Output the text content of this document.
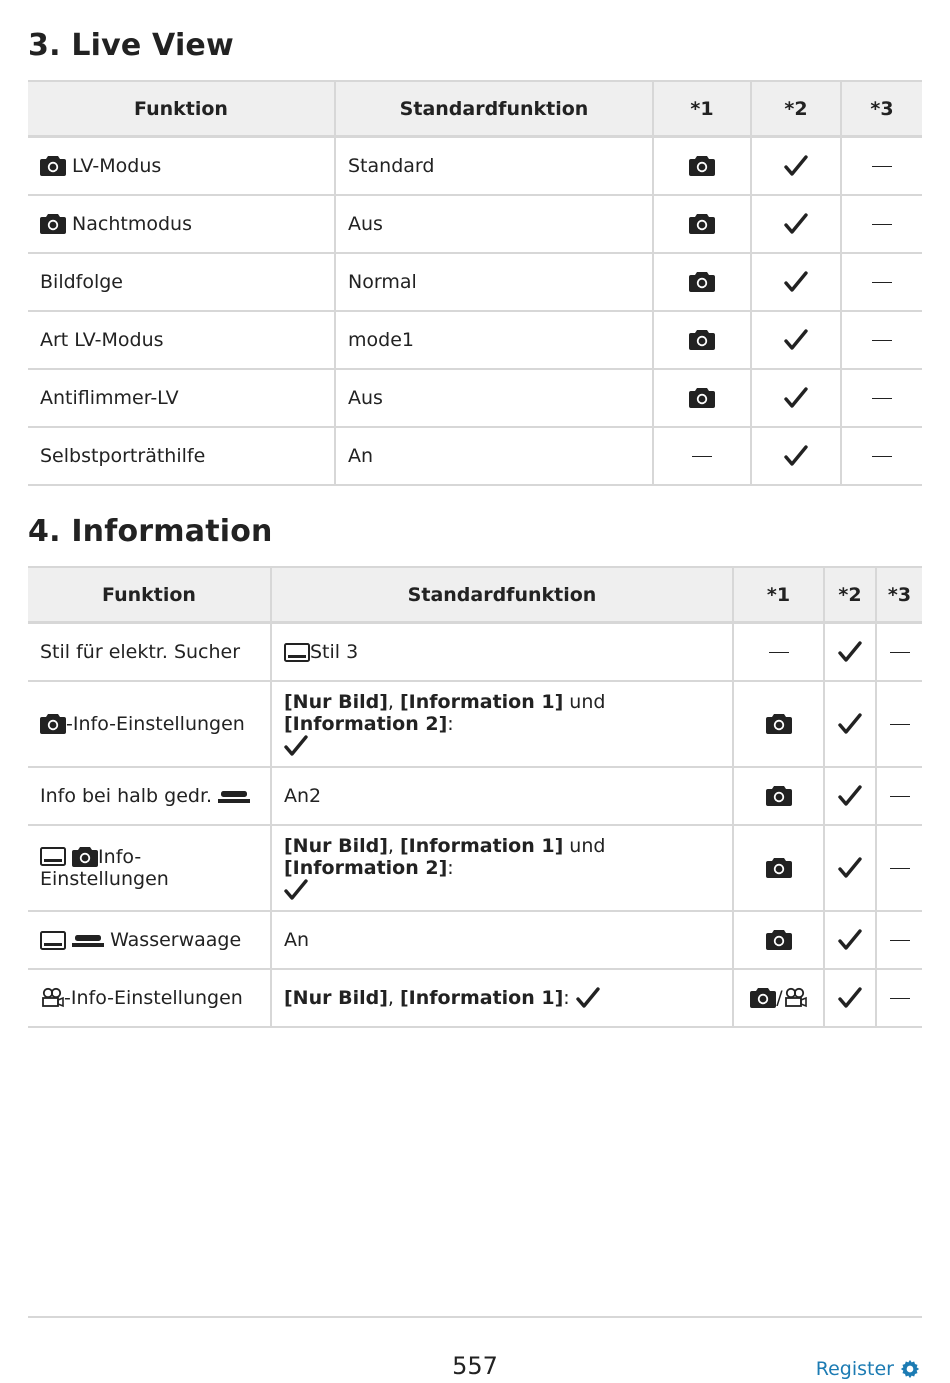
3. Live View
Funktion	Standardfunktion	*1	*2	*3
LV-Modus	Standard			
Nachtmodus	Aus			
Bildfolge	Normal			
Art LV-Modus	mode1			
Antiflimmer-LV	Aus			
Selbstporträthilfe	An			
4. Information
Funktion	Standardfunktion	*1	*2	*3
Stil für elektr. Sucher	Stil 3			
-Info-Einstellungen	[Nur Bild], [Information 1] und [Information 2]:

Info bei halb gedr.	An2			
Info-Einstellungen	[Nur Bild], [Information 1] und [Information 2]:

Wasserwaage	An			
-Info-Einstellungen	[Nur Bild], [Information 1]:	/		
557	Register
